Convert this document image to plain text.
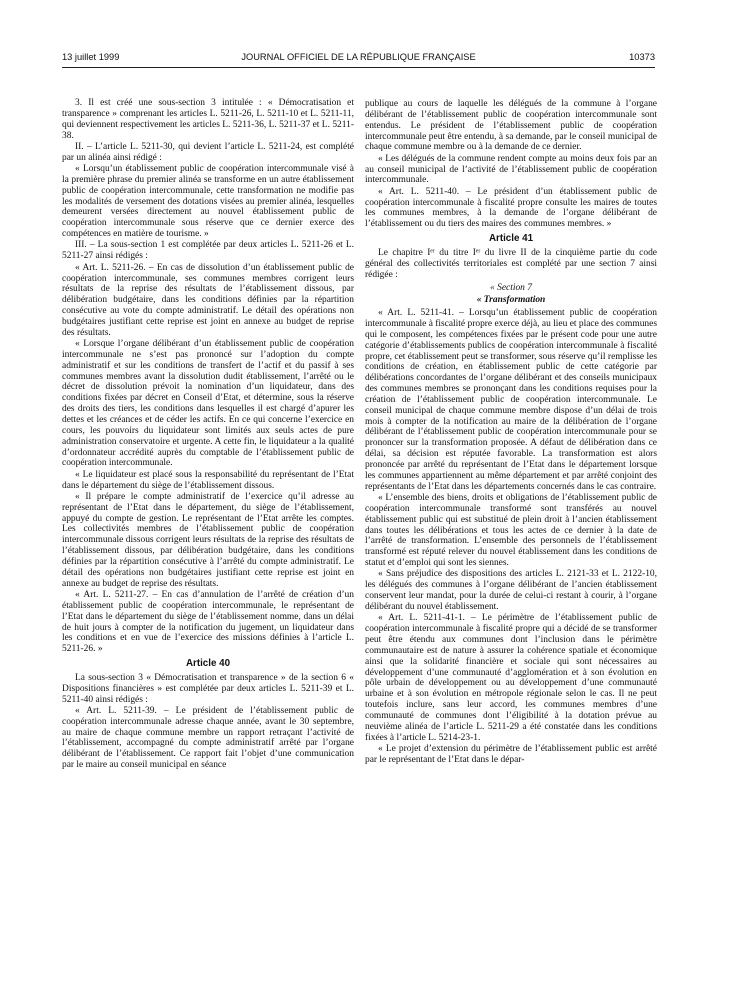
13 juillet 1999	JOURNAL OFFICIEL DE LA RÉPUBLIQUE FRANÇAISE	10373

3. Il est créé une sous-section 3 intitulée : « Démocratisation et transparence » comprenant les articles L. 5211-26, L. 5211-10 et L. 5211-11, qui deviennent respectivement les articles L. 5211-36, L. 5211-37 et L. 5211-38.

II. – L’article L. 5211-30, qui devient l’article L. 5211-24, est complété par un alinéa ainsi rédigé :

« Lorsqu’un établissement public de coopération intercommunale visé à la première phrase du premier alinéa se transforme en un autre établissement public de coopération intercommunale, cette transformation ne modifie pas les modalités de versement des dotations visées au premier alinéa, lesquelles demeurent versées directement au nouvel établissement public de coopération intercommunale sous réserve que ce dernier exerce des compétences en matière de tourisme. »

III. – La sous-section 1 est complétée par deux articles L. 5211-26 et L. 5211-27 ainsi rédigés :

« Art. L. 5211-26. – En cas de dissolution d’un établissement public de coopération intercommunale, ses communes membres corrigent leurs résultats de la reprise des résultats de l’établissement dissous, par délibération budgétaire, dans les conditions définies par la répartition consécutive au vote du compte administratif. Le détail des opérations non budgétaires justifiant cette reprise est joint en annexe au budget de reprise des résultats.

« Lorsque l’organe délibérant d’un établissement public de coopération intercommunale ne s’est pas prononcé sur l’adoption du compte administratif et sur les conditions de transfert de l’actif et du passif à ses communes membres avant la dissolution dudit établissement, l’arrêté ou le décret de dissolution prévoit la nomination d’un liquidateur, dans des conditions fixées par décret en Conseil d’Etat, et détermine, sous la réserve des droits des tiers, les conditions dans lesquelles il est chargé d’apurer les dettes et les créances et de céder les actifs. En ce qui concerne l’exercice en cours, les pouvoirs du liquidateur sont limités aux seuls actes de pure administration conservatoire et urgente. A cette fin, le liquidateur a la qualité d’ordonnateur accrédité auprès du comptable de l’établissement public de coopération intercommunale.

« Le liquidateur est placé sous la responsabilité du représentant de l’Etat dans le département du siège de l’établissement dissous.

« Il prépare le compte administratif de l’exercice qu’il adresse au représentant de l’Etat dans le département, du siège de l’établissement, appuyé du compte de gestion. Le représentant de l’Etat arrête les comptes. Les collectivités membres de l’établissement public de coopération intercommunale dissous corrigent leurs résultats de la reprise des résultats de l’établissement dissous, par délibération budgétaire, dans les conditions définies par la répartition consécutive à l’arrêté du compte administratif. Le détail des opérations non budgétaires justifiant cette reprise est joint en annexe au budget de reprise des résultats.

« Art. L. 5211-27. – En cas d’annulation de l’arrêté de création d’un établissement public de coopération intercommunale, le représentant de l’Etat dans le département du siège de l’établissement nomme, dans un délai de huit jours à compter de la notification du jugement, un liquidateur dans les conditions et en vue de l’exercice des missions définies à l’article L. 5211-26. »

Article 40

La sous-section 3 « Démocratisation et transparence » de la section 6 « Dispositions financières » est complétée par deux articles L. 5211-39 et L. 5211-40 ainsi rédigés :

« Art. L. 5211-39. – Le président de l’établissement public de coopération intercommunale adresse chaque année, avant le 30 septembre, au maire de chaque commune membre un rapport retraçant l’activité de l’établissement, accompagné du compte administratif arrêté par l’organe délibérant de l’établissement. Ce rapport fait l’objet d’une communication par le maire au conseil municipal en séance

publique au cours de laquelle les délégués de la commune à l’organe délibérant de l’établissement public de coopération intercommunale sont entendus. Le président de l’établissement public de coopération intercommunale peut être entendu, à sa demande, par le conseil municipal de chaque commune membre ou à la demande de ce dernier.

« Les délégués de la commune rendent compte au moins deux fois par an au conseil municipal de l’activité de l’établissement public de coopération intercommunale.

« Art. L. 5211-40. – Le président d’un établissement public de coopération intercommunale à fiscalité propre consulte les maires de toutes les communes membres, à la demande de l’organe délibérant de l’établissement ou du tiers des maires des communes membres. »

Article 41

Le chapitre Iᵉʳ du titre Iᵉʳ du livre II de la cinquième partie du code général des collectivités territoriales est complété par une section 7 ainsi rédigée :

« Section 7

« Transformation

« Art. L. 5211-41. – Lorsqu’un établissement public de coopération intercommunale à fiscalité propre exerce déjà, au lieu et place des communes qui le composent, les compétences fixées par le présent code pour une autre catégorie d’établissements publics de coopération intercommunale à fiscalité propre, cet établissement peut se transformer, sous réserve qu’il remplisse les conditions de création, en établissement public de cette catégorie par délibérations concordantes de l’organe délibérant et des conseils municipaux des communes membres se prononçant dans les conditions requises pour la création de l’établissement public de coopération intercommunale. Le conseil municipal de chaque commune membre dispose d’un délai de trois mois à compter de la notification au maire de la délibération de l’organe délibérant de l’établissement public de coopération intercommunale pour se prononcer sur la transformation proposée. A défaut de délibération dans ce délai, sa décision est réputée favorable. La transformation est alors prononcée par arrêté du représentant de l’Etat dans le département lorsque les communes appartiennent au même département et par arrêté conjoint des représentants de l’Etat dans les départements concernés dans le cas contraire.

« L’ensemble des biens, droits et obligations de l’établissement public de coopération intercommunale transformé sont transférés au nouvel établissement public qui est substitué de plein droit à l’ancien établissement dans toutes les délibérations et tous les actes de ce dernier à la date de l’arrêté de transformation. L’ensemble des personnels de l’établissement transformé est réputé relever du nouvel établissement dans les conditions de statut et d’emploi qui sont les siennes.

« Sans préjudice des dispositions des articles L. 2121-33 et L. 2122-10, les délégués des communes à l’organe délibérant de l’ancien établissement conservent leur mandat, pour la durée de celui-ci restant à courir, à l’organe délibérant du nouvel établissement.

« Art. L. 5211-41-1. – Le périmètre de l’établissement public de coopération intercommunale à fiscalité propre qui a décidé de se transformer peut être étendu aux communes dont l’inclusion dans le périmètre communautaire est de nature à assurer la cohérence spatiale et économique ainsi que la solidarité financière et sociale qui sont nécessaires au développement d’une communauté d’agglomération et à son évolution en pôle urbain de développement ou au développement d’une communauté urbaine et à son évolution en métropole régionale selon le cas. Il ne peut toutefois inclure, sans leur accord, les communes membres d’une communauté de communes dont l’éligibilité à la dotation prévue au neuvième alinéa de l’article L. 5211-29 a été constatée dans les conditions fixées à l’article L. 5214-23-1.

« Le projet d’extension du périmètre de l’établissement public est arrêté par le représentant de l’Etat dans le dépar-
